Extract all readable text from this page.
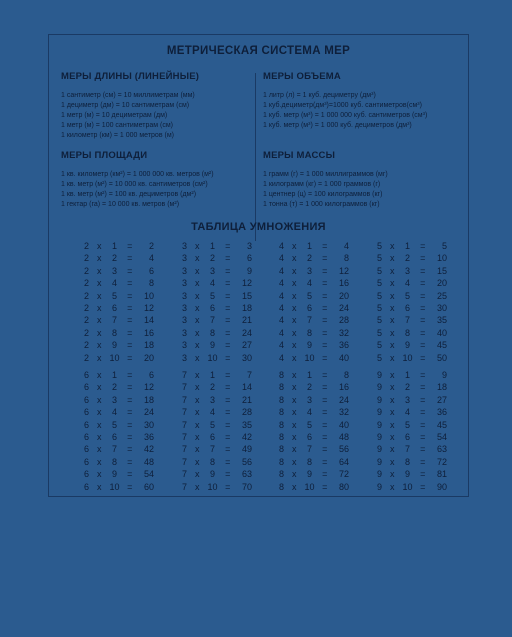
МЕТРИЧЕСКАЯ СИСТЕМА МЕР
МЕРЫ ДЛИНЫ (ЛИНЕЙНЫЕ)
1 сантиметр (см) = 10 миллиметрам (мм)
1 дециметр (дм) = 10 сантиметрам (см)
1 метр (м) = 10 дециметрам (дм)
1 метр (м) = 100 сантиметрам (см)
1 километр (км) = 1 000 метров (м)
МЕРЫ ОБЪЕМА
1 литр (л) = 1 куб. дециметру (дм³)
1 куб.дециметр(дм³)=1000 куб. сантиметров(см³)
1 куб. метр (м³) = 1 000 000 куб. сантиметров (см³)
1 куб. метр (м³) = 1 000 куб. дециметров (дм³)
МЕРЫ ПЛОЩАДИ
1 кв. километр (км²) = 1 000 000 кв. метров (м²)
1 кв. метр (м²) = 10 000 кв. сантиметров (см²)
1 кв. метр (м²) = 100 кв. дециметров (дм²)
1 гектар (га) = 10 000 кв. метров (м²)
МЕРЫ МАССЫ
1 грамм (г) = 1 000 миллиграммов (мг)
1 килограмм (кг) = 1 000 граммов (г)
1 центнер (ц) = 100 килограммов (кг)
1 тонна (т) = 1 000 килограммов (кг)
ТАБЛИЦА УМНОЖЕНИЯ
2 x	1	=	2
2 x	2	=	4
2 x	3	=	6
2 x	4	=	8
2 x	5	=	10
2 x	6	=	12
2 x	7	=	14
2 x	8	=	16
2 x	9	=	18
2 x 10 =	20
3 x	1	=	3
3 x	2	=	6
3 x	3	=	9
3 x	4	=	12
3 x	5	=	15
3 x	6	=	18
3 x	7	=	21
3 x	8	=	24
3 x	9	=	27
3 x 10 =	30
4 x	1	=	4
4 x	2	=	8
4 x	3	=	12
4 x	4	=	16
4 x	5	=	20
4 x	6	=	24
4 x	7	=	28
4 x	8	=	32
4 x	9	=	36
4 x 10 =	40
5 x	1	=	5
5 x	2	=	10
5 x	3	=	15
5 x	4	=	20
5 x	5	=	25
5 x	6	=	30
5 x	7	=	35
5 x	8	=	40
5 x	9	=	45
5 x 10 =	50
6 x	1	=	6
6 x	2	=	12
6 x	3	=	18
6 x	4	=	24
6 x	5	=	30
6 x	6	=	36
6 x	7	=	42
6 x	8	=	48
6 x	9	=	54
6 x 10 =	60
7 x	1	=	7
7 x	2	=	14
7 x	3	=	21
7 x	4	=	28
7 x	5	=	35
7 x	6	=	42
7 x	7	=	49
7 x	8	=	56
7 x	9	=	63
7 x 10 =	70
8 x	1	=	8
8 x	2	=	16
8 x	3	=	24
8 x	4	=	32
8 x	5	=	40
8 x	6	=	48
8 x	7	=	56
8 x	8	=	64
8 x	9	=	72
8 x 10 =	80
9 x	1	=	9
9 x	2	=	18
9 x	3	=	27
9 x	4	=	36
9 x	5	=	45
9 x	6	=	54
9 x	7	=	63
9 x	8	=	72
9 x	9	=	81
9 x 10 =	90
